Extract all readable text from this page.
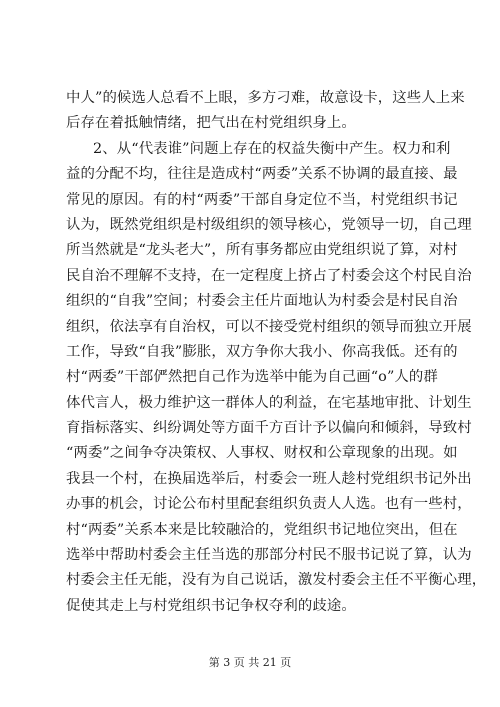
中人”的候选人总看不上眼，多方刁难，故意设卡，这些人上来
后存在着抵触情绪，把气出在村党组织身上。
2、从“代表谁”问题上存在的权益失衡中产生。权力和利
益的分配不均，往往是造成村“两委”关系不协调的最直接、最
常见的原因。有的村“两委”干部自身定位不当，村党组织书记
认为，既然党组织是村级组织的领导核心，党领导一切，自己理
所当然就是“龙头老大”，所有事务都应由党组织说了算，对村
民自治不理解不支持，在一定程度上挤占了村委会这个村民自治
组织的“自我”空间；村委会主任片面地认为村委会是村民自治
组织，依法享有自治权，可以不接受党村组织的领导而独立开展
工作，导致“自我”膨胀，双方争你大我小、你高我低。还有的
村“两委”干部俨然把自己作为选举中能为自己画“o”人的群
体代言人，极力维护这一群体人的利益，在宅基地审批、计划生
育指标落实、纠纷调处等方面千方百计予以偏向和倾斜，导致村
“两委”之间争夺决策权、人事权、财权和公章现象的出现。如
我县一个村，在换届选举后，村委会一班人趁村党组织书记外出
办事的机会，讨论公布村里配套组织负责人人选。也有一些村，
村“两委”关系本来是比较融洽的，党组织书记地位突出，但在
选举中帮助村委会主任当选的那部分村民不服书记说了算，认为
村委会主任无能，没有为自己说话，激发村委会主任不平衡心理，
促使其走上与村党组织书记争权夺利的歧途。
第 3 页 共 21 页
